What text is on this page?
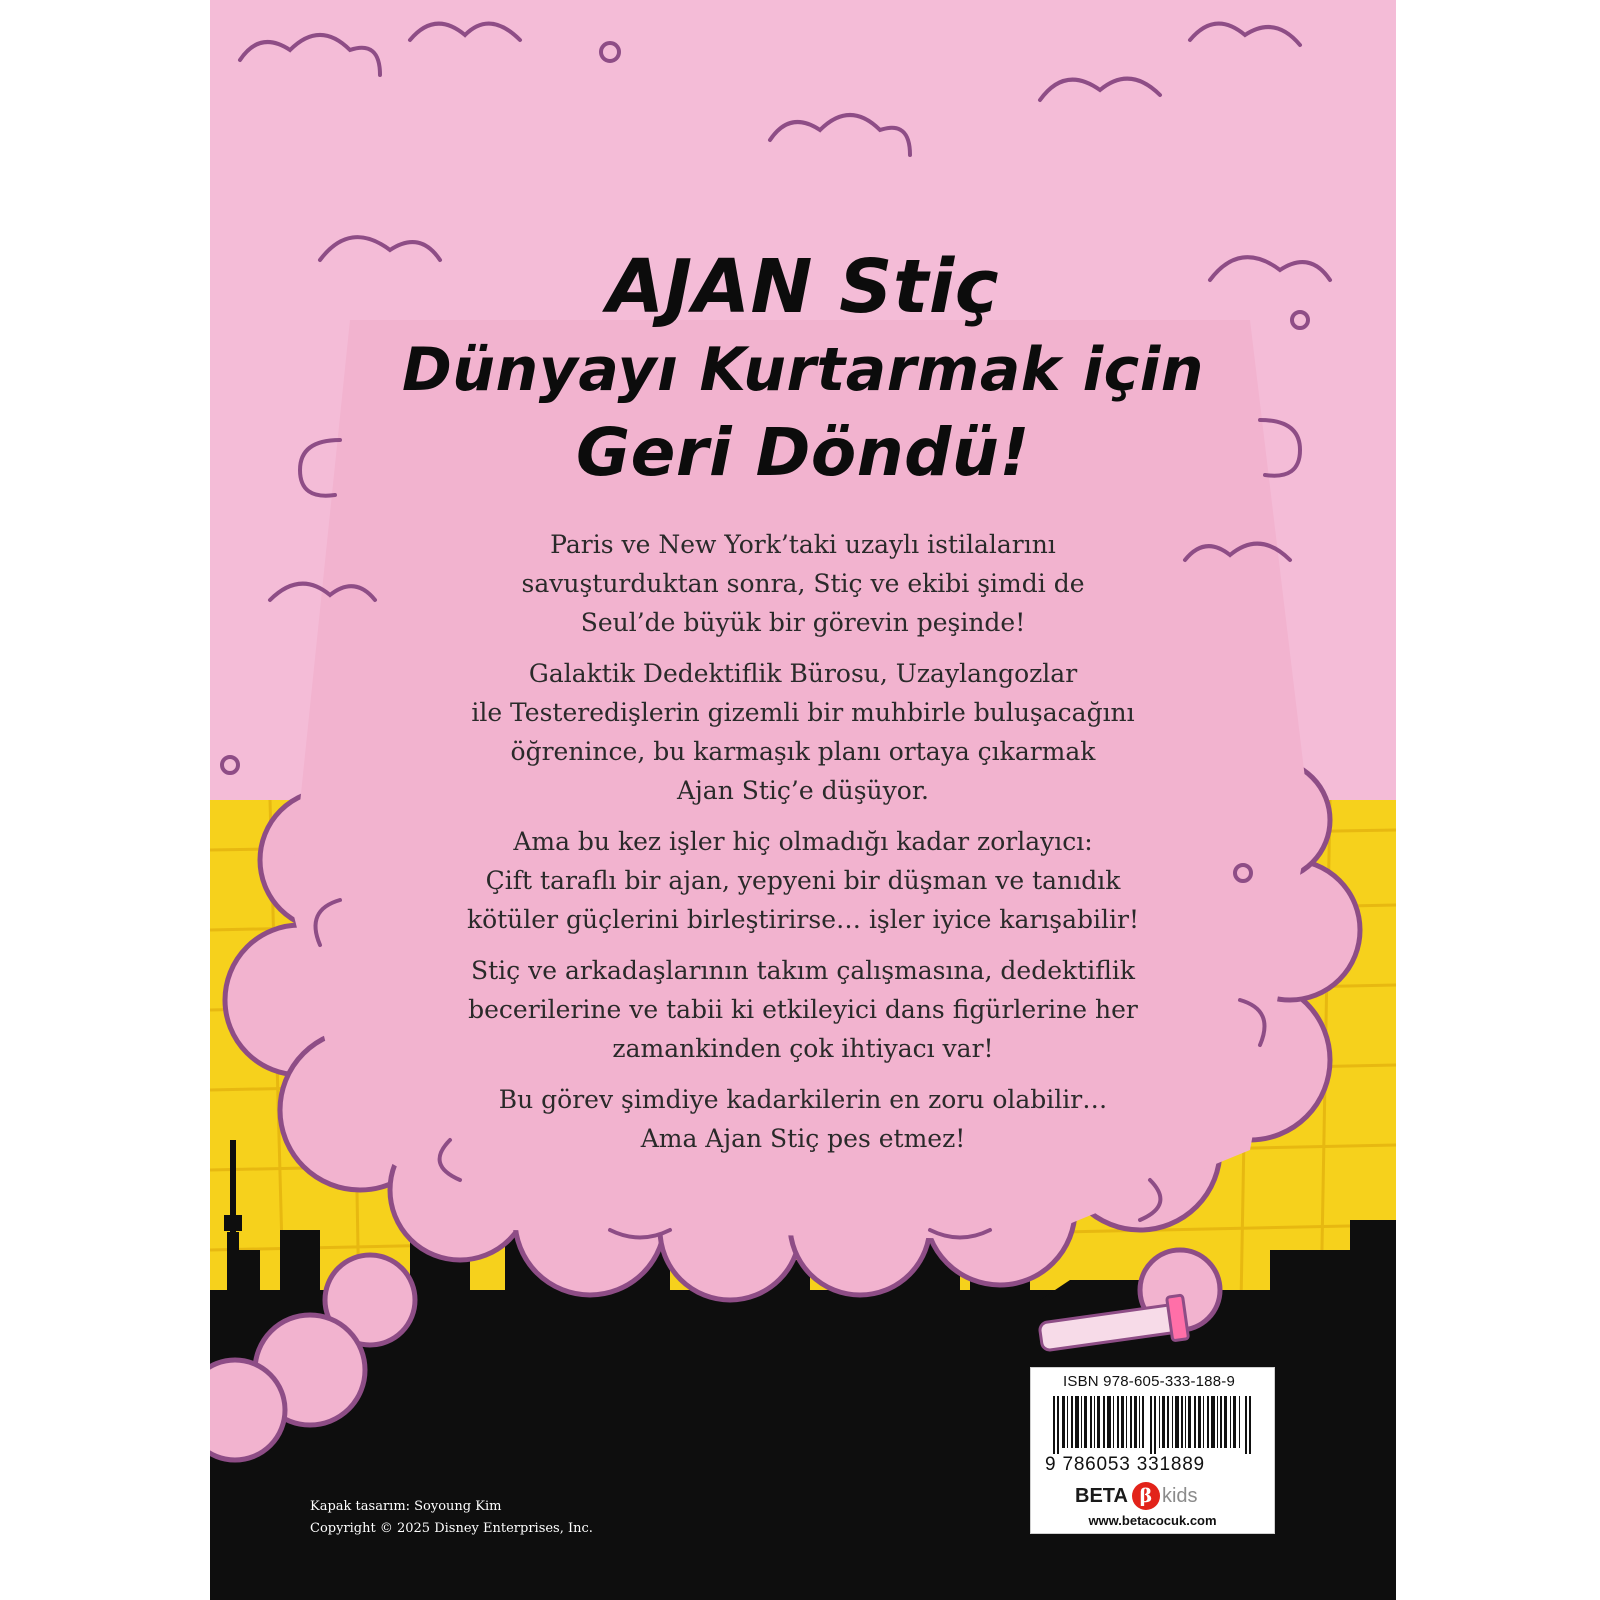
AJAN Stiç
Dünyayı Kurtarmak için
Geri Döndü!

Paris ve New York’taki uzaylı istilalarını
savuşturduktan sonra, Stiç ve ekibi şimdi de
Seul’de büyük bir görevin peşinde!

Galaktik Dedektiflik Bürosu, Uzaylangozlar
ile Testeredişlerin gizemli bir muhbirle buluşacağını
öğrenince, bu karmaşık planı ortaya çıkarmak
Ajan Stiç’e düşüyor.

Ama bu kez işler hiç olmadığı kadar zorlayıcı:
Çift taraflı bir ajan, yepyeni bir düşman ve tanıdık
kötüler güçlerini birleştirirse… işler iyice karışabilir!

Stiç ve arkadaşlarının takım çalışmasına, dedektiflik
becerilerine ve tabii ki etkileyici dans figürlerine her
zamankinden çok ihtiyacı var!

Bu görev şimdiye kadarkilerin en zoru olabilir…
Ama Ajan Stiç pes etmez!

Kapak tasarım: Soyoung Kim
Copyright © 2025 Disney Enterprises, Inc.
ISBN 978-605-333-188-9
9 786053 331889
BETA β kids
www.betacocuk.com
